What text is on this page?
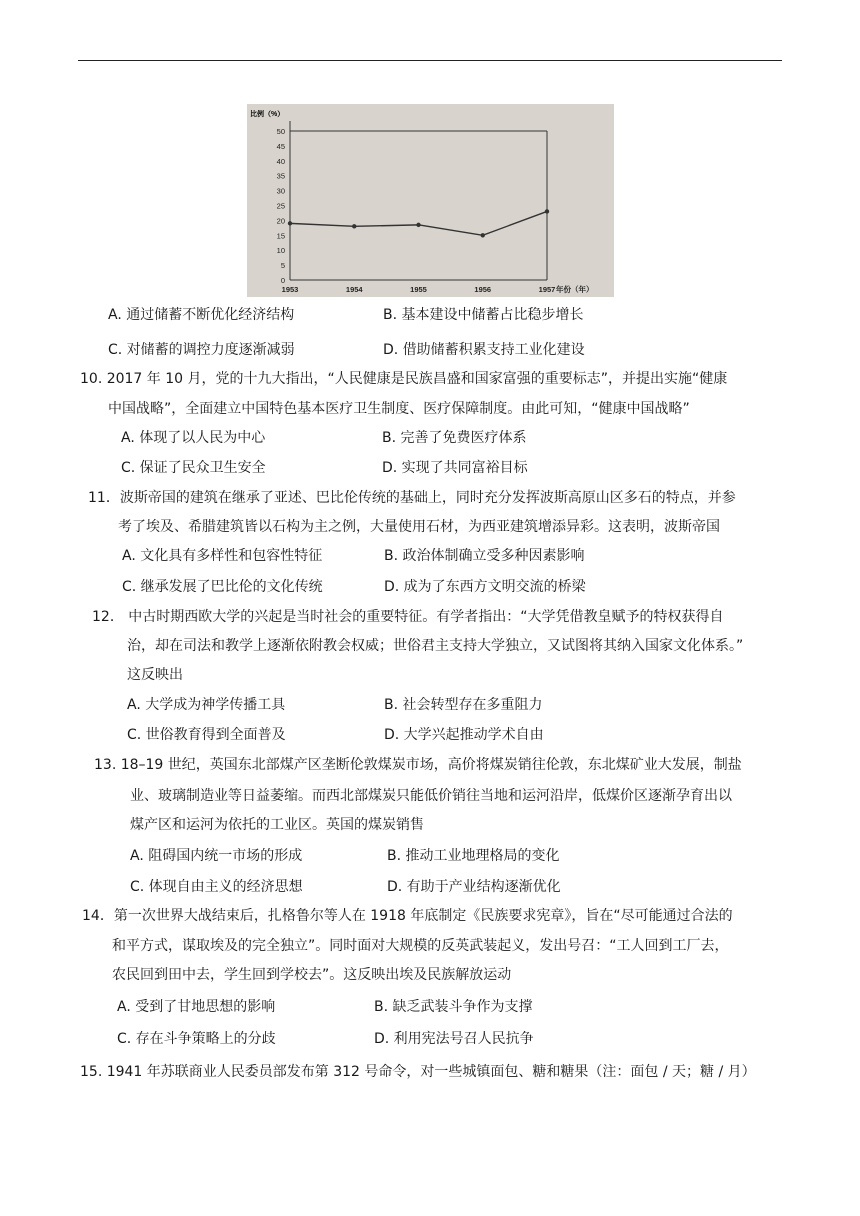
比例（%）
50
45
40
35
30
25
20
15
10
5
0
1953	1954	1955	1956	1957 年份（年）
A. 通过储蓄不断优化经济结构	B. 基本建设中储蓄占比稳步增长
C. 对储蓄的调控力度逐渐减弱	D. 借助储蓄积累支持工业化建设
10. 2017 年 10 月，党的十九大指出，“人民健康是民族昌盛和国家富强的重要标志”，并提出实施“健康
中国战略”，全面建立中国特色基本医疗卫生制度、医疗保障制度。由此可知，“健康中国战略”
A. 体现了以人民为中心	B. 完善了免费医疗体系
C. 保证了民众卫生安全	D. 实现了共同富裕目标
11．波斯帝国的建筑在继承了亚述、巴比伦传统的基础上，同时充分发挥波斯高原山区多石的特点，并参
考了埃及、希腊建筑皆以石构为主之例，大量使用石材，为西亚建筑增添异彩。这表明，波斯帝国
A. 文化具有多样性和包容性特征	B. 政治体制确立受多种因素影响
C. 继承发展了巴比伦的文化传统	D. 成为了东西方文明交流的桥梁
12． 中古时期西欧大学的兴起是当时社会的重要特征。有学者指出：“大学凭借教皇赋予的特权获得自
治，却在司法和教学上逐渐依附教会权威；世俗君主支持大学独立，又试图将其纳入国家文化体系。”
这反映出
A. 大学成为神学传播工具	B. 社会转型存在多重阻力
C. 世俗教育得到全面普及	D. 大学兴起推动学术自由
13. 18–19 世纪，英国东北部煤产区垄断伦敦煤炭市场，高价将煤炭销往伦敦，东北煤矿业大发展，制盐
业、玻璃制造业等日益萎缩。而西北部煤炭只能低价销往当地和运河沿岸，低煤价区逐渐孕育出以
煤产区和运河为依托的工业区。英国的煤炭销售
A. 阻碍国内统一市场的形成	B. 推动工业地理格局的变化
C. 体现自由主义的经济思想	D. 有助于产业结构逐渐优化
14．第一次世界大战结束后，扎格鲁尔等人在 1918 年底制定《民族要求宪章》，旨在“尽可能通过合法的
和平方式，谋取埃及的完全独立”。同时面对大规模的反英武装起义，发出号召：“工人回到工厂去，
农民回到田中去，学生回到学校去”。这反映出埃及民族解放运动
A. 受到了甘地思想的影响	B. 缺乏武装斗争作为支撑
C. 存在斗争策略上的分歧	D. 利用宪法号召人民抗争
15. 1941 年苏联商业人民委员部发布第 312 号命令，对一些城镇面包、糖和糖果（注：面包 / 天；糖 / 月）
